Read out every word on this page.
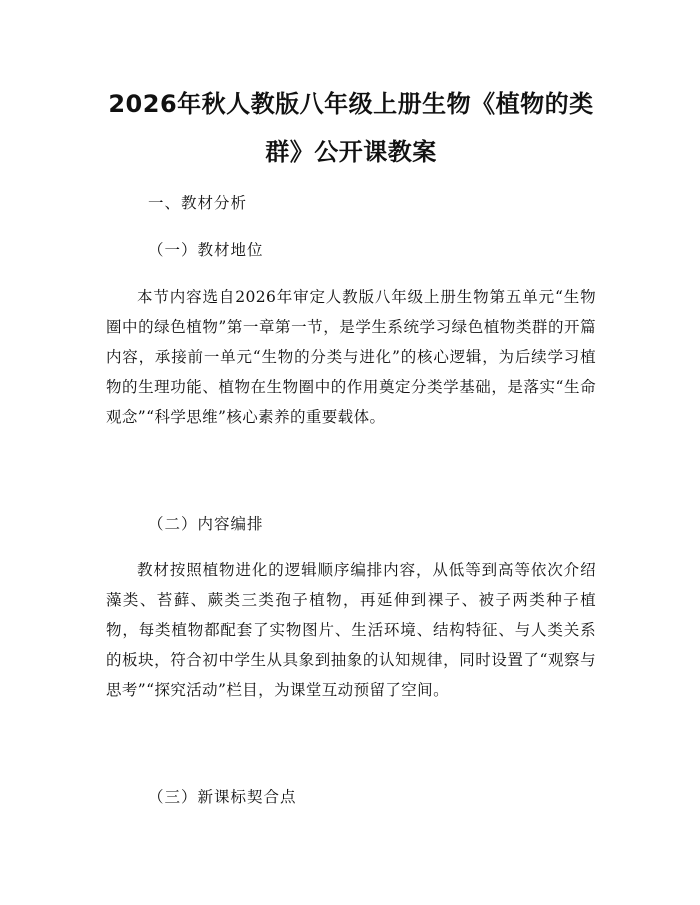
2026年秋人教版八年级上册生物《植物的类群》公开课教案

一、教材分析

（一）教材地位

本节内容选自2026年审定人教版八年级上册生物第五单元“生物圈中的绿色植物”第一章第一节，是学生系统学习绿色植物类群的开篇内容，承接前一单元“生物的分类与进化”的核心逻辑，为后续学习植物的生理功能、植物在生物圈中的作用奠定分类学基础，是落实“生命观念”“科学思维”核心素养的重要载体。

（二）内容编排

教材按照植物进化的逻辑顺序编排内容，从低等到高等依次介绍藻类、苔藓、蕨类三类孢子植物，再延伸到裸子、被子两类种子植物，每类植物都配套了实物图片、生活环境、结构特征、与人类关系的板块，符合初中学生从具象到抽象的认知规律，同时设置了“观察与思考”“探究活动”栏目，为课堂互动预留了空间。

（三）新课标契合点
